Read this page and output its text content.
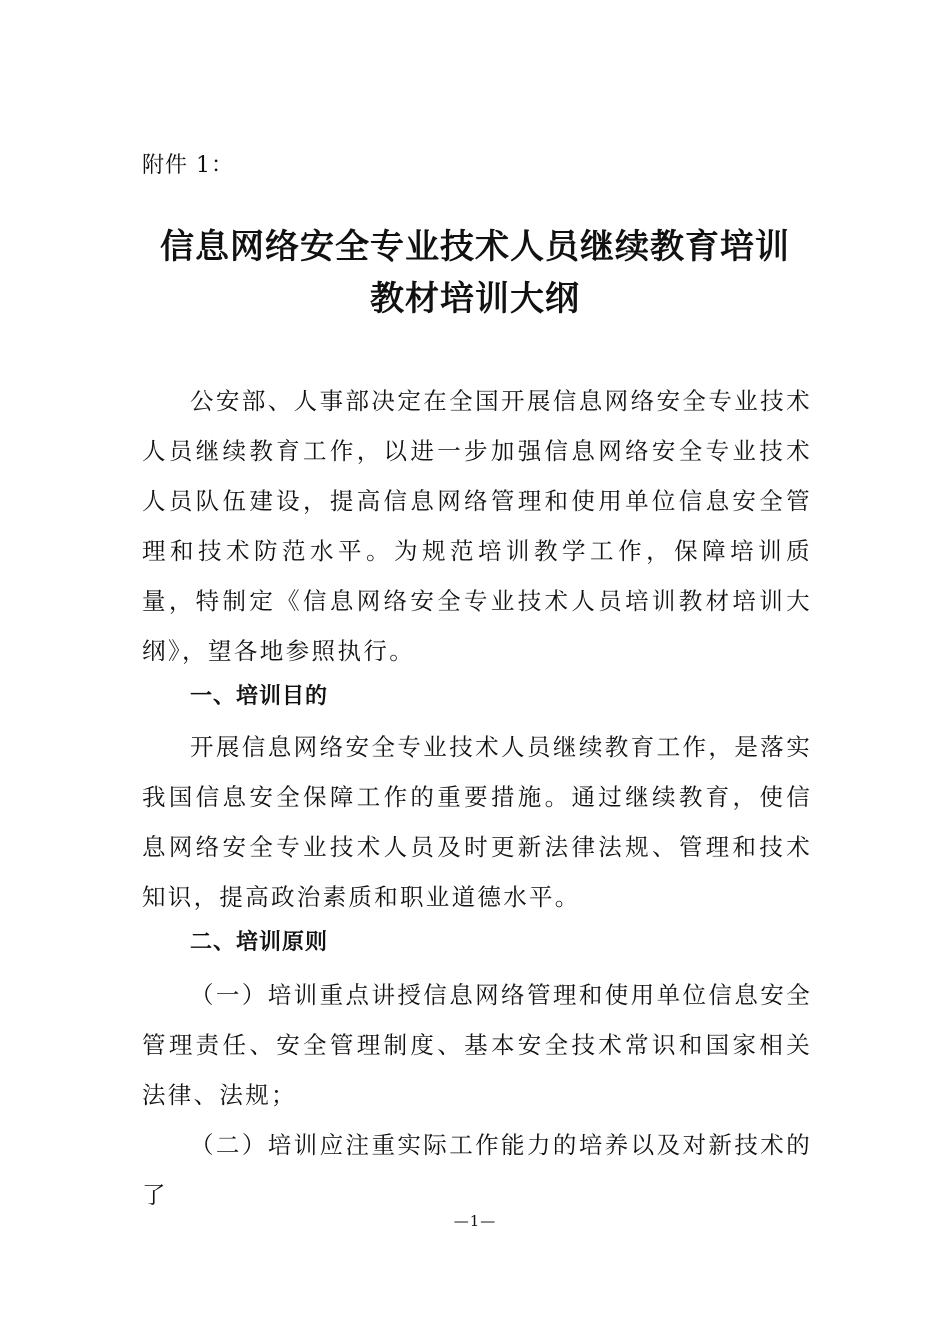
附件 1：
信息网络安全专业技术人员继续教育培训
教材培训大纲

公安部、人事部决定在全国开展信息网络安全专业技术人员继续教育工作，以进一步加强信息网络安全专业技术人员队伍建设，提高信息网络管理和使用单位信息安全管理和技术防范水平。为规范培训教学工作，保障培训质量，特制定《信息网络安全专业技术人员培训教材培训大纲》，望各地参照执行。

一、培训目的

开展信息网络安全专业技术人员继续教育工作，是落实我国信息安全保障工作的重要措施。通过继续教育，使信息网络安全专业技术人员及时更新法律法规、管理和技术知识，提高政治素质和职业道德水平。

二、培训原则

（一）培训重点讲授信息网络管理和使用单位信息安全管理责任、安全管理制度、基本安全技术常识和国家相关法律、法规；

（二）培训应注重实际工作能力的培养以及对新技术的了

—1—
